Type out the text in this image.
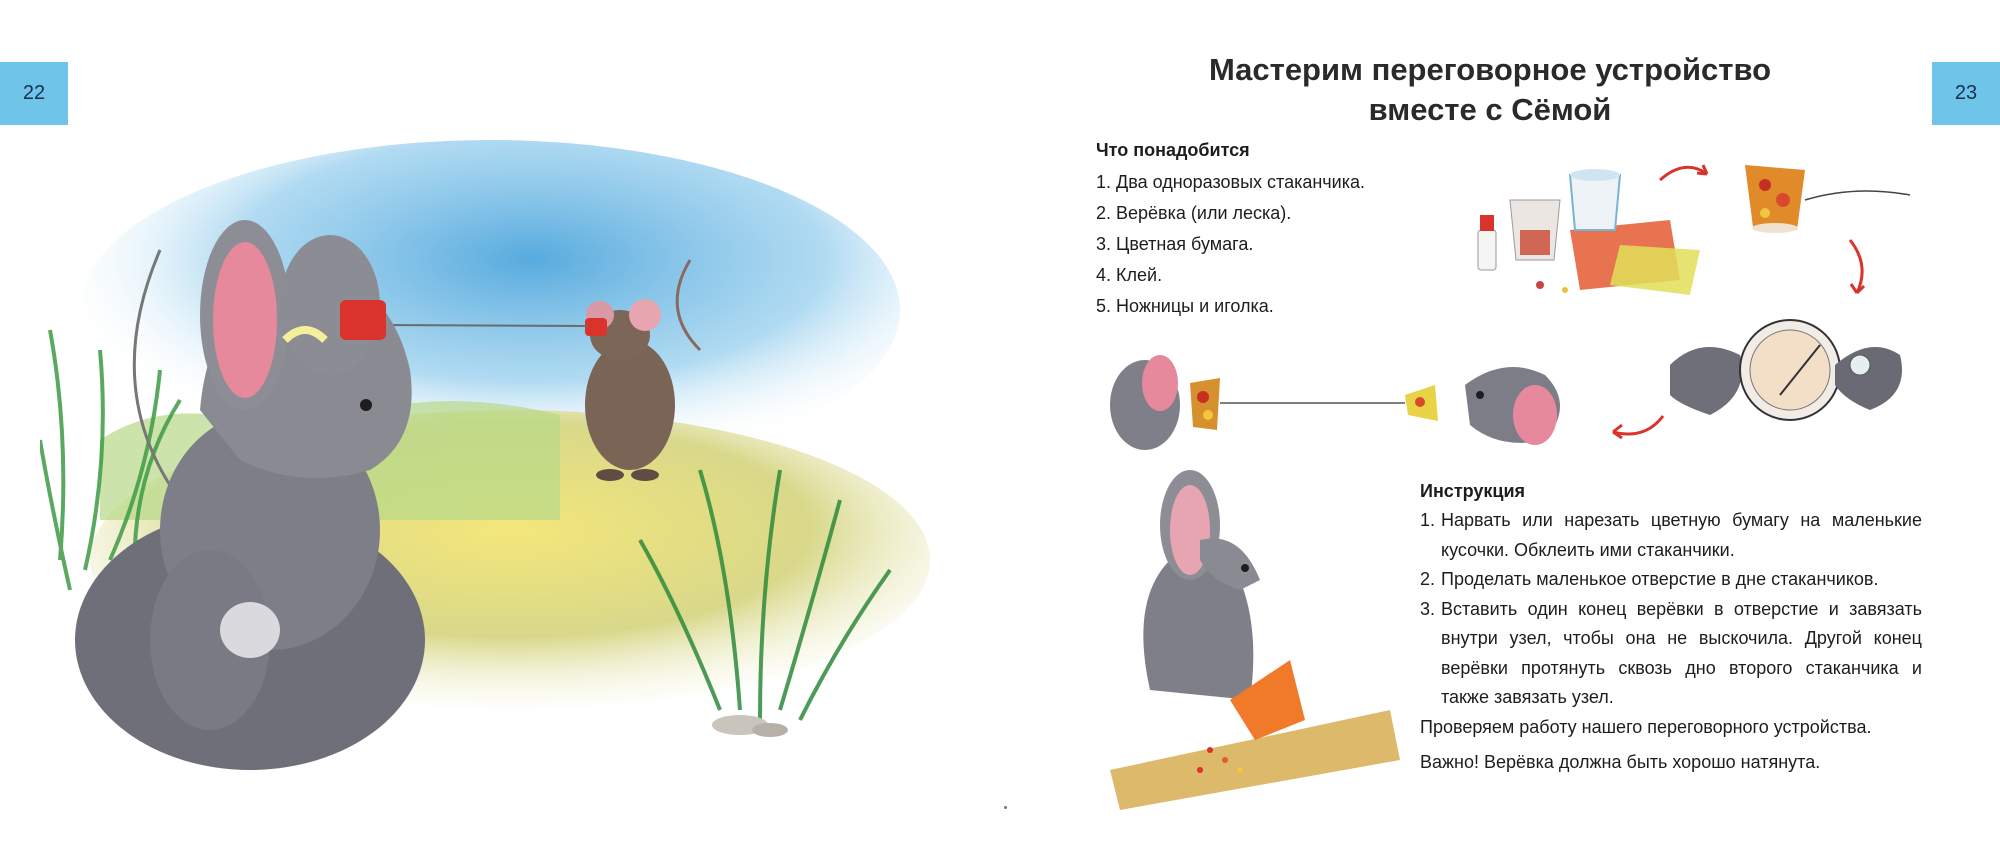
22	23
Мастерим переговорное устройство
вместе с Сёмой
Что понадобится
1. Два одноразовых стаканчика.
2. Верёвка (или леска).
3. Цветная бумага.
4. Клей.
5. Ножницы и иголка.
Инструкция
1. Нарвать или нарезать цветную бумагу на маленькие кусочки. Обклеить ими стаканчики.
2. Проделать маленькое отверстие в дне стаканчиков.
3. Вставить один конец верёвки в отверстие и завязать внутри узел, чтобы она не выскочила. Другой конец верёвки протянуть сквозь дно второго стаканчика и также завязать узел.

Проверяем работу нашего переговорного устройства.

Важно! Верёвка должна быть хорошо натянута.
